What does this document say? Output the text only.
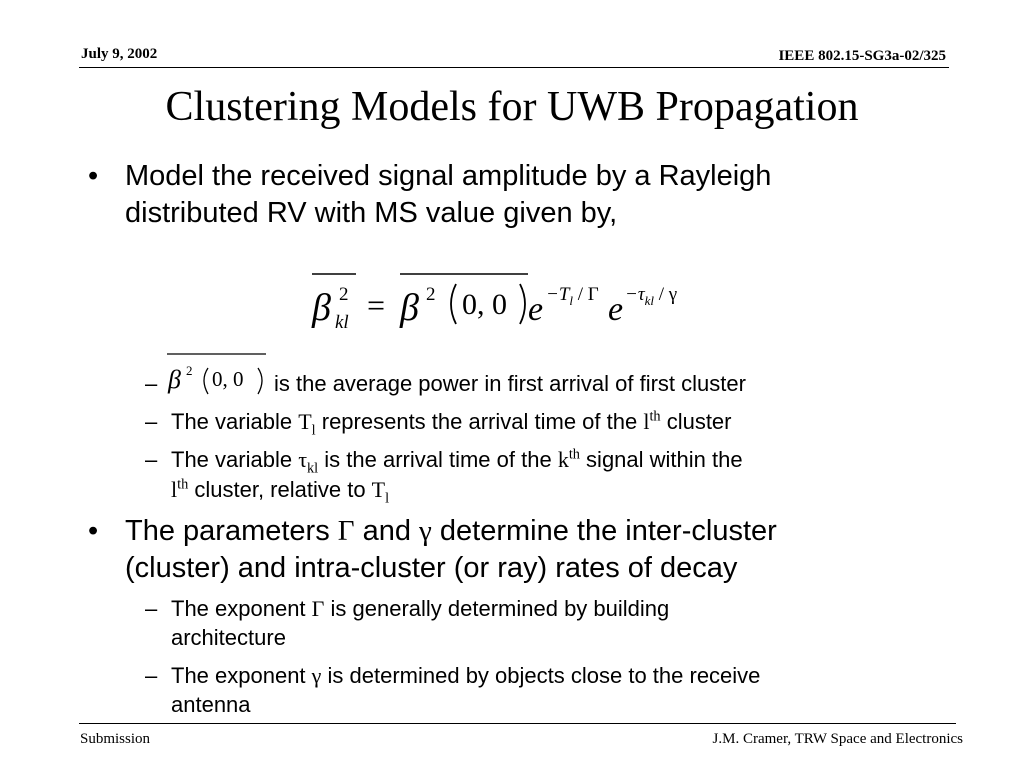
July 9, 2002	IEEE 802.15-SG3a-02/325
Clustering Models for UWB Propagation
• Model the received signal amplitude by a Rayleigh
distributed RV with MS value given by,
β 2
kl = β 2 0, 0 $e -T_l / \Gamma$ $e -\tau_{kl} / \gamma$
– β 2 0, 0 is the average power in first arrival of first cluster
– The variable $T_l$ represents the arrival time of the $l^{th}$ cluster
– The variable $\tau_{kl}$ is the arrival time of the $k^{th}$ signal within the
$l^{th}$ cluster, relative to $T_l$
• The parameters Γ and γ determine the inter-cluster
(cluster) and intra-cluster (or ray) rates of decay
– The exponent Γ is generally determined by building
architecture
– The exponent γ is determined by objects close to the receive
antenna
Submission	J.M. Cramer, TRW Space and Electronics
